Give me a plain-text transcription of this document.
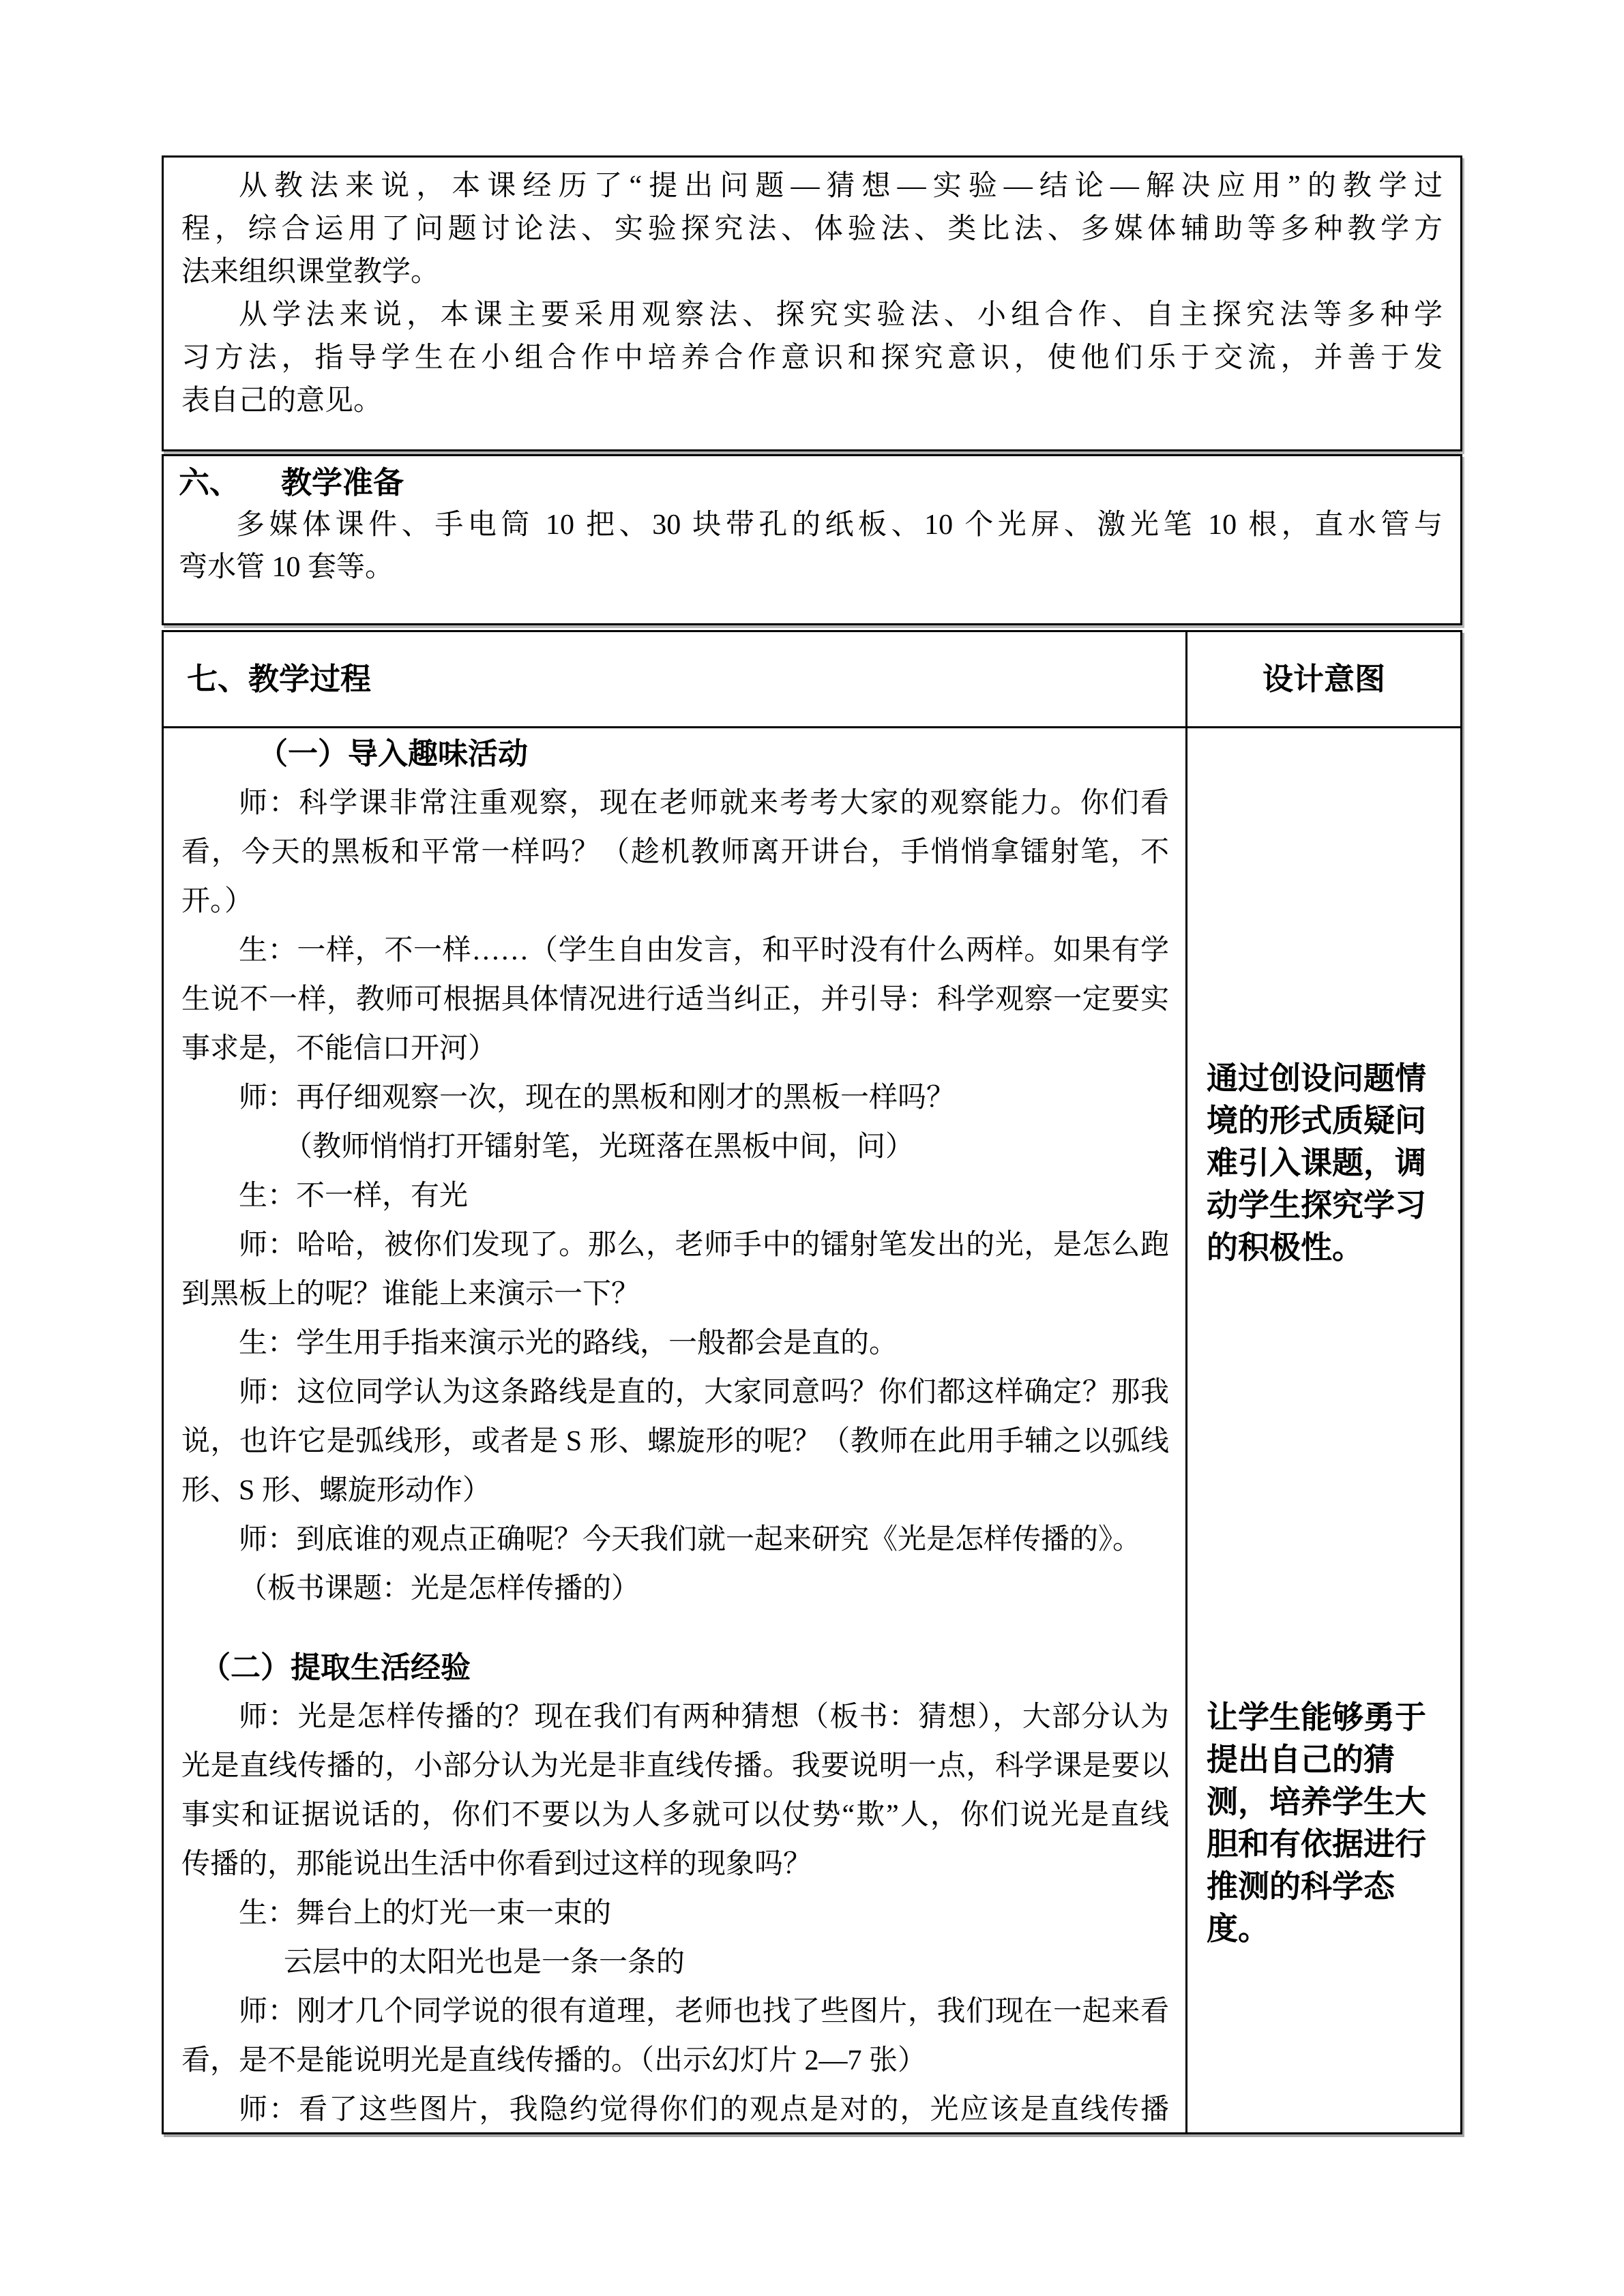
从教法来说，本课经历了“提出问题—猜想—实验—结论—解决应用”的教学过
程，综合运用了问题讨论法、实验探究法、体验法、类比法、多媒体辅助等多种教学方
法来组织课堂教学。
从学法来说，本课主要采用观察法、探究实验法、小组合作、自主探究法等多种学
习方法，指导学生在小组合作中培养合作意识和探究意识，使他们乐于交流，并善于发
表自己的意见。
六、 教学准备
多媒体课件、手电筒 10 把、30 块带孔的纸板、10 个光屏、激光笔 10 根，直水管与
弯水管 10 套等。
七、教学过程	设计意图
（一）导入趣味活动
师：科学课非常注重观察，现在老师就来考考大家的观察能力。你们看
看，今天的黑板和平常一样吗？（趁机教师离开讲台，手悄悄拿镭射笔，不
开。）
生：一样，不一样……（学生自由发言，和平时没有什么两样。如果有学
生说不一样，教师可根据具体情况进行适当纠正，并引导：科学观察一定要实
事求是，不能信口开河）
师：再仔细观察一次，现在的黑板和刚才的黑板一样吗？
（教师悄悄打开镭射笔，光斑落在黑板中间，问）
生：不一样，有光
师：哈哈，被你们发现了。那么，老师手中的镭射笔发出的光，是怎么跑
到黑板上的呢？谁能上来演示一下？
生：学生用手指来演示光的路线，一般都会是直的。
师：这位同学认为这条路线是直的，大家同意吗？你们都这样确定？那我
说，也许它是弧线形，或者是 S 形、螺旋形的呢？（教师在此用手辅之以弧线
形、S 形、螺旋形动作）
师：到底谁的观点正确呢？今天我们就一起来研究《光是怎样传播的》。
（板书课题：光是怎样传播的）
（二）提取生活经验
师：光是怎样传播的？现在我们有两种猜想（板书：猜想），大部分认为
光是直线传播的，小部分认为光是非直线传播。我要说明一点，科学课是要以
事实和证据说话的，你们不要以为人多就可以仗势“欺”人，你们说光是直线
传播的，那能说出生活中你看到过这样的现象吗？
生：舞台上的灯光一束一束的
云层中的太阳光也是一条一条的
师：刚才几个同学说的很有道理，老师也找了些图片，我们现在一起来看
看，是不是能说明光是直线传播的。（出示幻灯片 2—7 张）
师：看了这些图片，我隐约觉得你们的观点是对的，光应该是直线传播
通过创设问题情
境的形式质疑问
难引入课题，调
动学生探究学习
的积极性。
让学生能够勇于
提出自己的猜
测，培养学生大
胆和有依据进行
推测的科学态
度。
